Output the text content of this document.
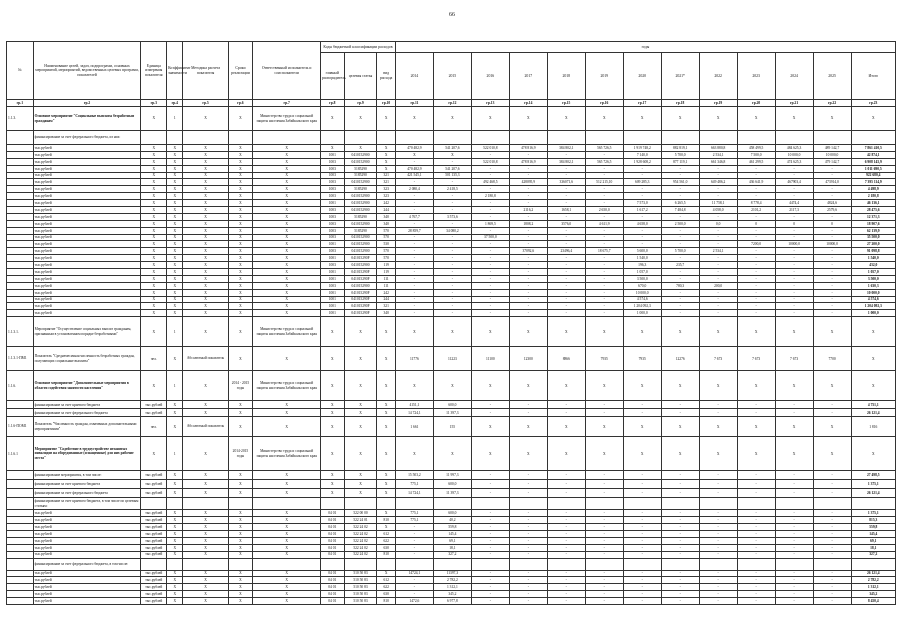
66
№	Наименование целей, задач, подпрограмм, основных мероприятий, мероприятий, ведомственных целевых программ, показателей	Единица измерения показателя	Коэффициент значимости	Методика расчета показателя	Сроки реализации	Ответственный исполнитель и соисполнители	Коды бюджетной классификации расходов			годы												
							главный распорядитель	целевая статья	вид расхода	2014	2015	2016	2017	2018	2019	2020	2021*	2022	2023	2024	2025	Итого
гр.1	гр.2	гр.3	гр.4	гр.5	гр.6	гр.7	гр.8	гр.9	гр.10	гр.11	гр.12	гр.13	гр.14	гр.15	гр.16	гр.17	гр.18	гр.19	гр.20	гр.21	гр.22	гр.23
1.1.3.	Основное мероприятие "Социальные выплаты безработным гражданам"	X	1	X	X	Министерство труда и социальной защиты населения Забайкальского края	X	X	X	X	X	X	X	X	X	X	X	X	X	X	X	X
	финансирование за счет федерального бюджета, из них:																					
	тыс.рублей	X	X	X	X	X	X	X	X	470 482,9	541 207,6	522 010,8	478 816,9	384 802,1	565 726,5	1 919 748,2	882 819,1	663 880,8	458 499,5	484 625,3	489 142,7	7 861 410,5
	тыс.рублей	X	X	X	X	X	1001	0410152900	X	X	X	-	-	-	-	7 140,0	5 700,0	2 534,1	7 500,0	10 000,0	10 000,0	42 874,1
	тыс.рублей	X	X	X	X	X	1003	0410152900	X	-	-	522 010,8	478 816,9	384 802,1	565 726,5	1 928 608,2	877 119,1	661 346,8	461 299,5	474 625,3	479 142,7	6 908 145,9
	тыс.рублей	X	X	X	X	X	1003	5185290	X	470 482,9	541 207,6	-	-	-	-	-	-	-	-	-	-	1 011 690,5
	тыс.рублей	X	X	X	X	X	1003	5185290	321	421 545,1	501 135,3	-	-	-	-	-	-	-	-	-	-	922 680,4
	тыс.рублей	X	X	X	X	X	1003	0410152900	321	-	-	492 468,5	428095,9	336071,6	512 215,10	609 285,3	954 561,0	649 486,2	436 641,9	467903,4	473914,0	7 395 114,9
	тыс.рублей	X	X	X	X	X	1003	5185290	323	2 080,4	2 418,5	-	-	-	-	-	-	-	-	-	-	4 498,9
	тыс.рублей	X	X	X	X	X	1003	0410152900	323	-	-	2 180,8	-	-	-	-	-	-	-	-	-	2 180,8
	тыс.рублей	X	X	X	X	X	1001	0410152900	242	-	-	-	-	-	-	7 573,0	6 265,5	11 758,1	8 778,4	4474,4	4824,6	46 136,1
	тыс.рублей	X	X	X	X	X	1003	0410152900	244	-	-	-	2116,2	1658,1	2 650,0	1 617,2	7 484,8	4 058,0	2101,2	2117,3	2579,6	28 475,6
	тыс.рублей	X	X	X	X	X	1003	5185290	340	4 767,7	3 573,6	-	-	-	-	-	-	-	-	-	-	12 371,3
	тыс.рублей	X	X	X	X	X	1003	0410152900	340	-	-	1 869,5	1808,2	3576,0	4 611,9	4 658,0	2 500,0	0,0	0	0	0	18 907,6
	тыс.рублей	X	X	X	X	X	1003	5185290	570	28 859,7	34 080,2	-	-	-	-	-	-	-	-	-	-	62 139,9
	тыс.рублей	X	X	X	X	X	1003	0410152900	570	-	-	37 500,0	-	-	-	-	-	-	-	-	-	35 500,0
	тыс.рублей	X	X	X	X	X	1001	0410152900	530	-	-	-	-	-	-	-	-	-	7200,0	10000,0	10000,0	27 200,0
	тыс.рублей	X	X	X	X	X	1003	0410152900	570	-	-	-	37092,6	23496,4	18 675,7	5 600,0	5 700,0	2 534,1	-	-	-	91 098,8
	тыс.рублей	X	X	X	X	X	1001	041015290F	570	-	-	-	-	-	-	1 540,0	-	-	-	-	-	1 540,0
	тыс.рублей	X	X	X	X	X	1003	0410152900	119	-	-	-	-	-	-	196,3	235,7	-	-	-	-	432,0
	тыс.рублей	X	X	X	X	X	1001	041015290F	119	-	-	-	-	-	-	1 057,0	-	-	-	-	-	1 057,0
	тыс.рублей	X	X	X	X	X	1001	041015290F	111	-	-	-	-	-	-	3 500,0	-	-	-	-	-	3 500,0
	тыс.рублей	X	X	X	X	X	1003	0410152900	111	-	-	-	-	-	-	670,0	780,3	200,0	-	-	-	1 630,3
	тыс.рублей	X	X	X	X	X	1001	041015290F	242	-	-	-	-	-	-	10 000,0	-	-	-	-	-	10 000,0
	тыс.рублей	X	X	X	X	X	1001	041015290F	244	-	-	-	-	-	-	4 574,6	-	-	-	-	-	4 574,6
	тыс.рублей	X	X	X	X	X	1001	041015290F	321	-	-	-	-	-	-	1 204 092,3	-	-	-	-	-	1 204 092,3
	тыс.рублей	X	X	X	X	X	1001	041015290F	340	-	-	-	-	-	-	1 000,0	-	-	-	-	-	1 000,0
1.1.3.1.	Мероприятие "Осуществление социальных выплат гражданам, признанным в установленном порядке безработными"	X	1	X	X	Министерство труда и социальной защиты населения Забайкальского края	X	X	X	X	X	X	X	X	X	X	X	X	X	X	X	X
1.1.3.1-ПМ1	Показатель "Среднемесячная численность безработных граждан, получающих социальные выплаты"	чел.	X	Абсолютный показатель	X	X	X	X	X	11776	11223	11100	12300	8866	7935	7935	12276	7 673	7 673	7 673	7700	X
1.1.6.	Основное мероприятие "Дополнительные мероприятия в области содействия занятости населения"	X	1	X	2014 - 2015 годы	Министерство труда и социальной защиты населения Забайкальского края	X	X	X	X	X	X	X	X	X	X	X	X	X	X	X	X
	финансирование за счет краевого бюджета	тыс.рублей	X	X	X	X	X	X	X	4151,1	600,0	-	-	-	-	-	-	-	-	-	-	4 751,1
	финансирование за счет федерального бюджета	тыс.рублей	X	X	X	X	X	X	X	14 724,1	11 397,3	-	-	-	-	-	-	-	-	-	-	26 121,4
1.1.6-ПОМ1	Показатель "Численность граждан, охваченных дополнительными мероприятиями"	чел.	X	Абсолютный показатель	X	X	X	X	X	1 661	155	X	X	X	X	X	X	X	X	X	X	1 816
1.1.6.1	Мероприятие "Содействие в трудоустройстве незанятых инвалидов на оборудованные (оснащенные) для них рабочие места"	X	1	X	2014-2015 годы	Министерство труда и социальной защиты населения Забайкальского края	X	X	X	X	X	X	X	X	X	X	X	X	X	X	X	X
	финансирование мероприятия, в том числе:	тыс.рублей	X	X	X	X	X	X	X	15 503,2	11 997,3	-	-	-	-	-	-	-	-	-	-	27 498,5
	финансирование за счет краевого бюджета	тыс.рублей	X	X	X	X	X	X	X	775,1	600,0	-	-	-	-	-	-	-	-	-	-	1 375,1
	финансирование за счет федерального бюджета	тыс.рублей	X	X	X	X	X	X	X	14 724,1	11 397,3	-	-	-	-	-	-	-	-	-	-	26 121,4
	финансирование за счет краевого бюджета, в том числе по целевым статьям:																					
	тыс.рублей	тыс.рублей	X	X	X	X	04 01	522 00 00	X	775,1	600,0	-	-	-	-	-	-	-	-	-	-	1 375,1
	тыс.рублей	тыс.рублей	X	X	X	X	04 01	522 24 01	810	775,1	40,2	-	-	-	-	-	-	-	-	-	-	815,3
	тыс.рублей	тыс.рублей	X	X	X	X	04 01	522 24 02	X	-	559,8	-	-	-	-	-	-	-	-	-	-	559,8
	тыс.рублей	тыс.рублей	X	X	X	X	04 01	522 24 02	612	-	145,4	-	-	-	-	-	-	-	-	-	-	145,4
	тыс.рублей	тыс.рублей	X	X	X	X	04 01	522 24 02	622	-	69,1	-	-	-	-	-	-	-	-	-	-	69,1
	тыс.рублей	тыс.рублей	X	X	X	X	04 01	522 24 02	630	-	18,1	-	-	-	-	-	-	-	-	-	-	18,1
	тыс.рублей	тыс.рублей	X	X	X	X	04 01	522 24 02	810	-	327,2	-	-	-	-	-	-	-	-	-	-	327,2
	финансирование за счет федерального бюджета, в том числе:																					
	тыс.рублей	тыс.рублей	X	X	X	X	04 01	510 50 83	X	14724,1	11397,3	-	-	-	-	-	-	-	-	-	-	26 121,4
	тыс.рублей	тыс.рублей	X	X	X	X	04 01	510 50 83	612	-	2 782,2	-	-	-	-	-	-	-	-	-	-	2 782,2
	тыс.рублей	тыс.рублей	X	X	X	X	04 01	510 50 83	622	-	1 312,1	-	-	-	-	-	-	-	-	-	-	1 312,1
	тыс.рублей	тыс.рублей	X	X	X	X	04 01	510 50 83	630	-	345,2	-	-	-	-	-	-	-	-	-	-	345,2
	тыс.рублей	тыс.рублей	X	X	X	X	04 01	510 50 83	810	1472,6	6 977,8	-	-	-	-	-	-	-	-	-	-	8 450,4
